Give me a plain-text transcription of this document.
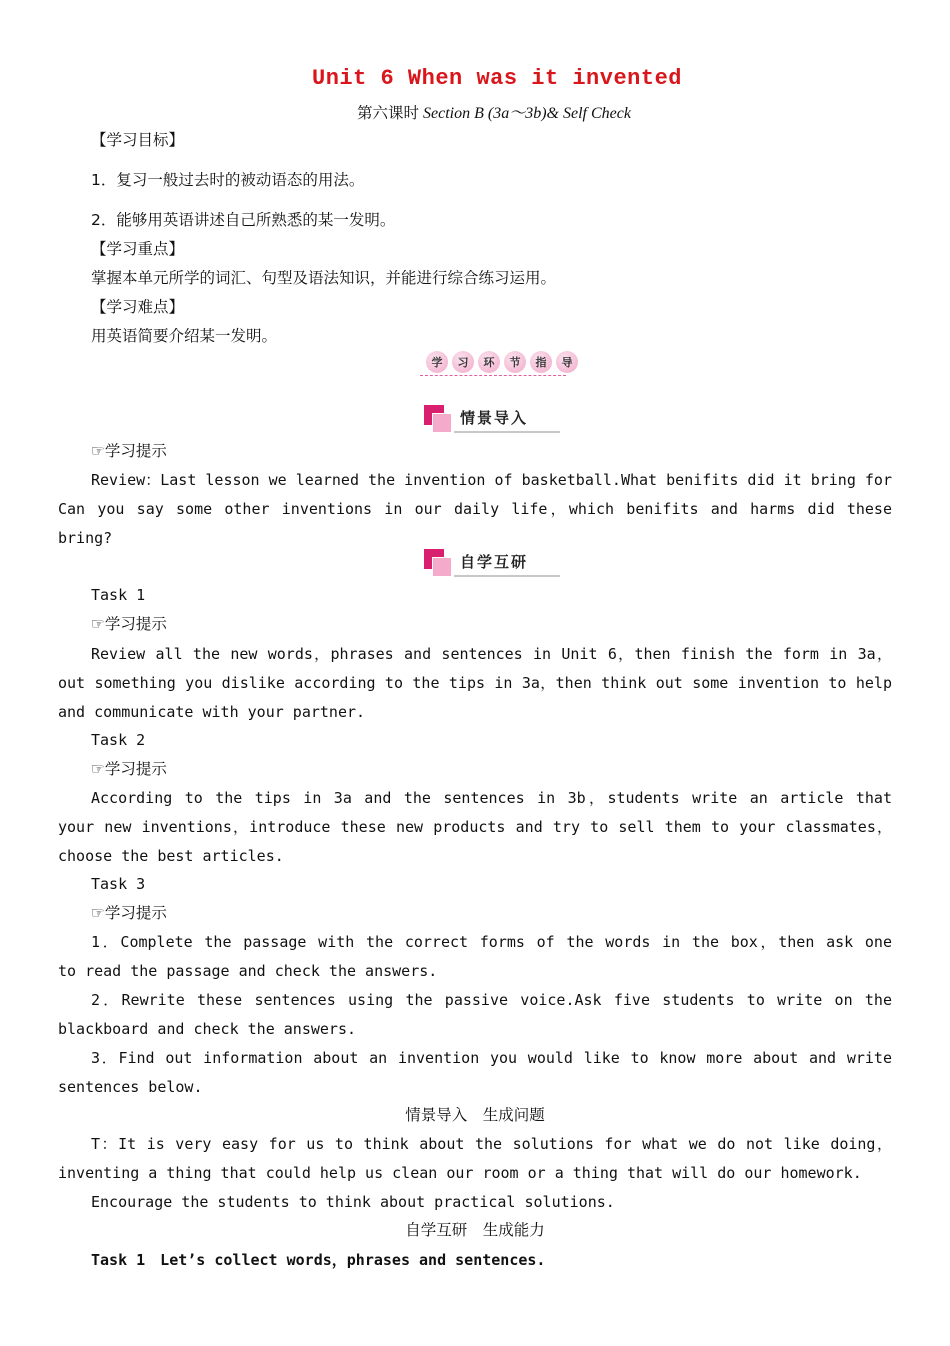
Unit 6 When was it invented
第六课时 Section B (3a～3b)& Self Check
【学习目标】
1．复习一般过去时的被动语态的用法。
2．能够用英语讲述自己所熟悉的某一发明。
【学习重点】
掌握本单元所学的词汇、句型及语法知识，并能进行综合练习运用。
【学习难点】
用英语简要介绍某一发明。
学	习	环	节	指	导
情景导入
☞学习提示
Review：Last lesson we learned the invention of basketball.What benifits did it bring for
Can you say some other inventions in our daily life，which benifits and harms did these
bring?
自学互研
Task 1
☞学习提示
Review all the new words，phrases and sentences in Unit 6，then finish the form in 3a，
out something you dislike according to the tips in 3a，then think out some invention to help
and communicate with your partner.
Task 2
☞学习提示
According to the tips in 3a and the sentences in 3b，students write an article that
your new inventions，introduce these new products and try to sell them to your classmates，
choose the best articles.
Task 3
☞学习提示
1．Complete the passage with the correct forms of the words in the box，then ask one
to read the passage and check the answers.
2．Rewrite these sentences using the passive voice.Ask five students to write on the
blackboard and check the answers.
3．Find out information about an invention you would like to know more about and write
sentences below.
情景导入　生成问题
T：It is very easy for us to think about the solutions for what we do not like doing，
inventing a thing that could help us clean our room or a thing that will do our homework.
Encourage the students to think about practical solutions.
自学互研　生成能力
Task 1　Let’s collect words，phrases and sentences.
